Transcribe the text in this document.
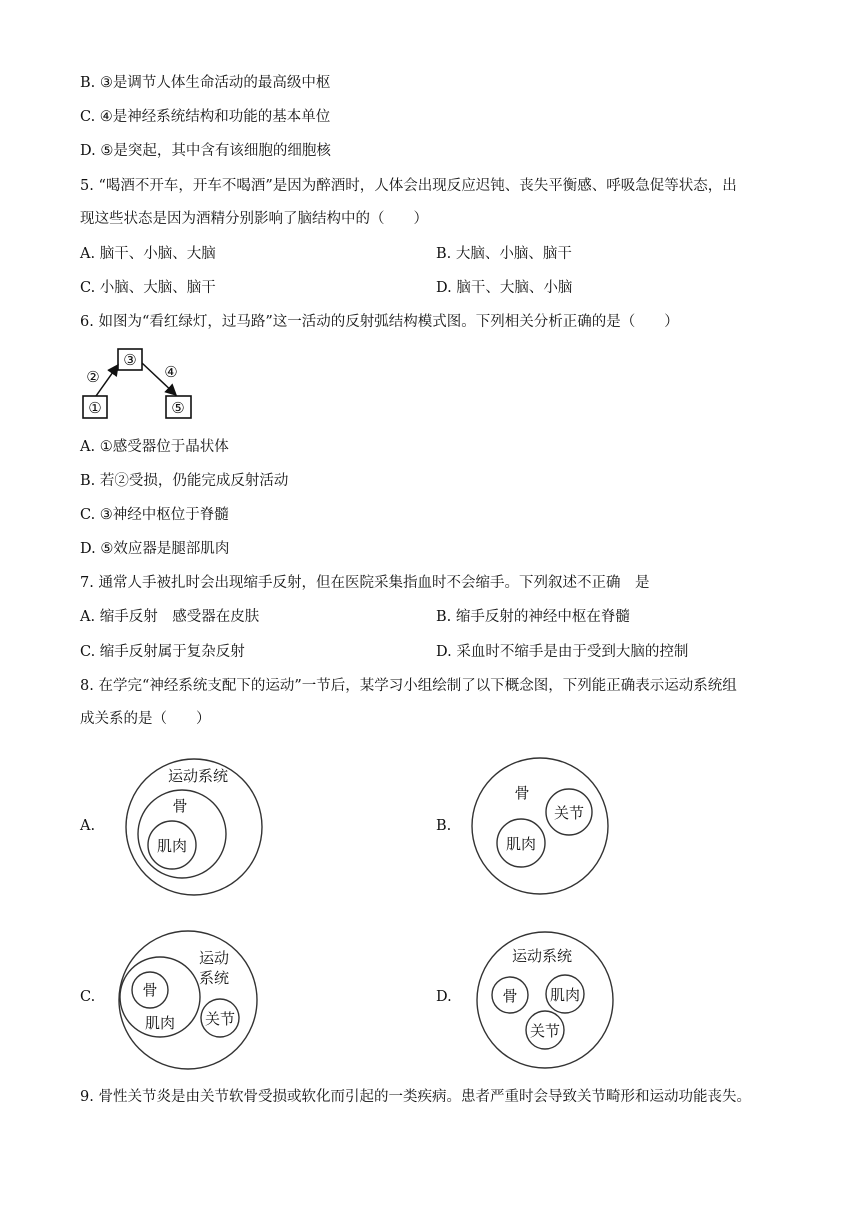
B. ③是调节人体生命活动的最高级中枢
C. ④是神经系统结构和功能的基本单位
D. ⑤是突起，其中含有该细胞的细胞核
5. “喝酒不开车，开车不喝酒”是因为醉酒时，人体会出现反应迟钝、丧失平衡感、呼吸急促等状态，出
现这些状态是因为酒精分别影响了脑结构中的（　　）
A. 脑干、小脑、大脑	B. 大脑、小脑、脑干
C. 小脑、大脑、脑干	D. 脑干、大脑、小脑
6. 如图为“看红绿灯，过马路”这一活动的反射弧结构模式图。下列相关分析正确的是（　　）
③
①	⑤
②	④
A. ①感受器位于晶状体
B. 若②受损，仍能完成反射活动
C. ③神经中枢位于脊髓
D. ⑤效应器是腿部肌肉
7. 通常人手被扎时会出现缩手反射，但在医院采集指血时不会缩手。下列叙述不正确　是
A. 缩手反射　感受器在皮肤	B. 缩手反射的神经中枢在脊髓
C. 缩手反射属于复杂反射	D. 采血时不缩手是由于受到大脑的控制
8. 在学完“神经系统支配下的运动”一节后，某学习小组绘制了以下概念图，下列能正确表示运动系统组
成关系的是（　　）
A.
运动系统
骨
肌肉
B.
骨
关节
肌肉
C.
运动
系统
肌肉
骨
关节
D.
运动系统
骨 肌肉
关节
9. 骨性关节炎是由关节软骨受损或软化而引起的一类疾病。患者严重时会导致关节畸形和运动功能丧失。
